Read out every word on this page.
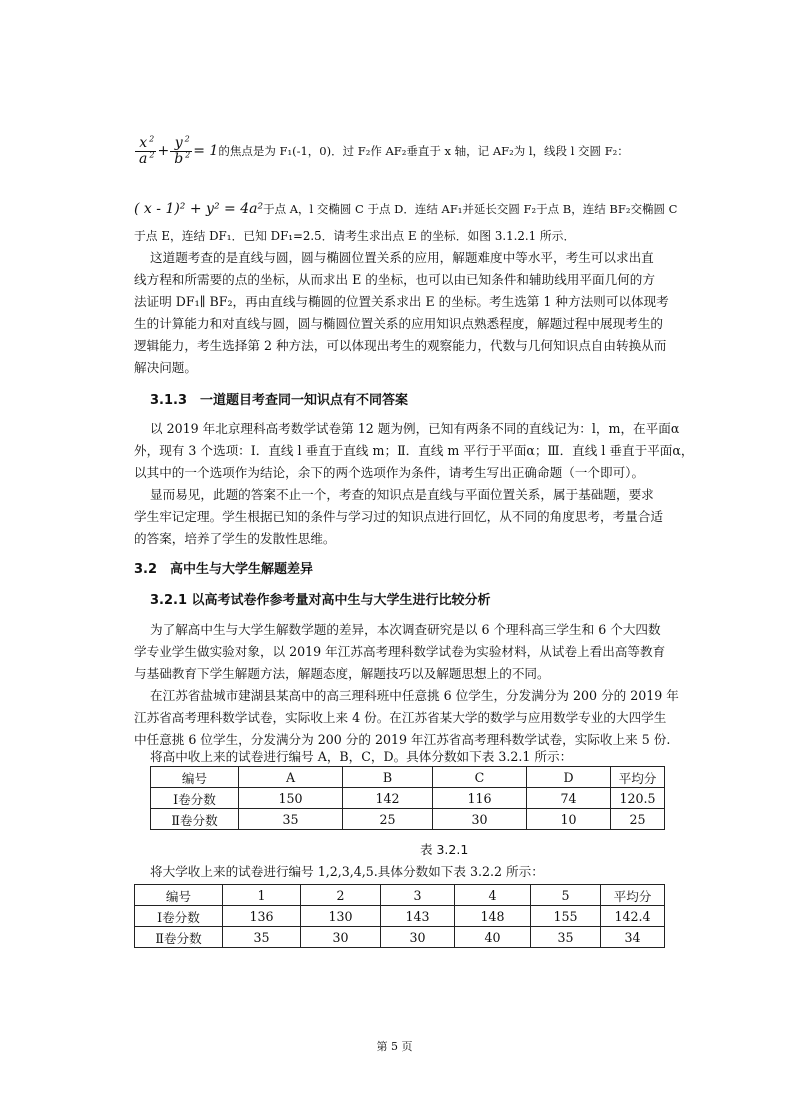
$\frac{x ^2}{a ^2} + \frac{y ^2}{b ^2} = 1$的焦点是为 F₁(-1，0)．过 F₂作 AF₂垂直于 x 轴，记 AF₂为 l，线段 l 交圆 F₂：
( x - 1)² + y² = 4a²于点 A，l 交椭圆 C 于点 D．连结 AF₁并延长交圆 F₂于点 B，连结 BF₂交椭圆 C
于点 E，连结 DF₁．已知 DF₁=2.5．请考生求出点 E 的坐标．如图 3.1.2.1 所示．
这道题考查的是直线与圆，圆与椭圆位置关系的应用，解题难度中等水平，考生可以求出直
线方程和所需要的点的坐标，从而求出 E 的坐标，也可以由已知条件和辅助线用平面几何的方
法证明 DF₁∥ BF₂，再由直线与椭圆的位置关系求出 E 的坐标。考生选第 1 种方法则可以体现考
生的计算能力和对直线与圆，圆与椭圆位置关系的应用知识点熟悉程度，解题过程中展现考生的
逻辑能力，考生选择第 2 种方法，可以体现出考生的观察能力，代数与几何知识点自由转换从而
解决问题。
3.1.3　一道题目考查同一知识点有不同答案
以 2019 年北京理科高考数学试卷第 12 题为例，已知有两条不同的直线记为：l，m，在平面α
外，现有 3 个选项：Ⅰ．直线 l 垂直于直线 m；Ⅱ．直线 m 平行于平面α；Ⅲ．直线 l 垂直于平面α，
以其中的一个选项作为结论，余下的两个选项作为条件，请考生写出正确命题（一个即可）。
显而易见，此题的答案不止一个，考查的知识点是直线与平面位置关系，属于基础题，要求
学生牢记定理。学生根据已知的条件与学习过的知识点进行回忆，从不同的角度思考，考量合适
的答案，培养了学生的发散性思维。
3.2　高中生与大学生解题差异
3.2.1 以高考试卷作参考量对高中生与大学生进行比较分析
为了解高中生与大学生解数学题的差异，本次调查研究是以 6 个理科高三学生和 6 个大四数
学专业学生做实验对象，以 2019 年江苏高考理科数学试卷为实验材料，从试卷上看出高等教育
与基础教育下学生解题方法，解题态度，解题技巧以及解题思想上的不同。
在江苏省盐城市建湖县某高中的高三理科班中任意挑 6 位学生，分发满分为 200 分的 2019 年
江苏省高考理科数学试卷，实际收上来 4 份。在江苏省某大学的数学与应用数学专业的大四学生
中任意挑 6 位学生，分发满分为 200 分的 2019 年江苏省高考理科数学试卷，实际收上来 5 份.
将高中收上来的试卷进行编号 A，B，C，D。具体分数如下表 3.2.1 所示：
编号	A	B	C	D	平均分
Ⅰ卷分数	150	142	116	74	120.5
Ⅱ卷分数	35	25	30	10	25
表 3.2.1
将大学收上来的试卷进行编号 1,2,3,4,5.具体分数如下表 3.2.2 所示：
编号	1	2	3	4	5	平均分
Ⅰ卷分数	136	130	143	148	155	142.4
Ⅱ卷分数	35	30	30	40	35	34
第 5 页
